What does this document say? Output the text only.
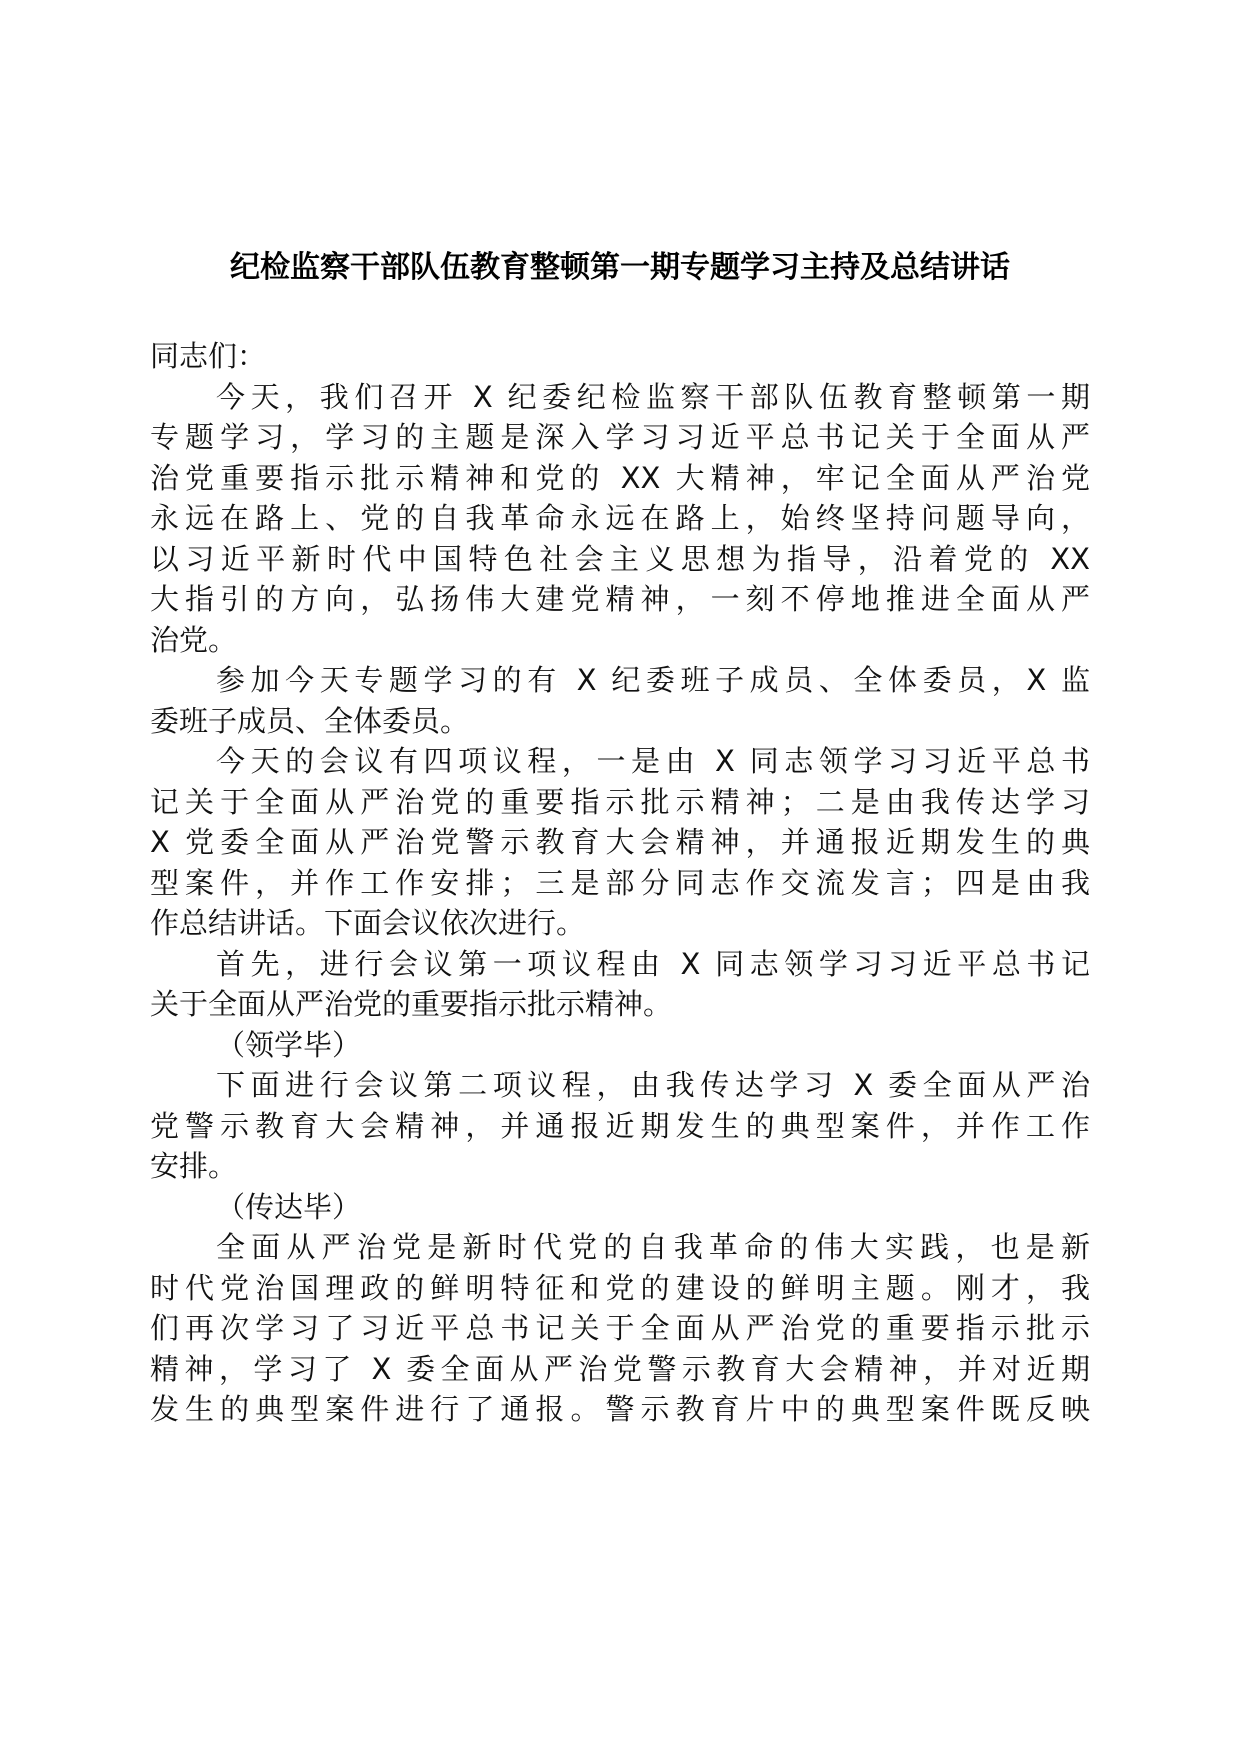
纪检监察干部队伍教育整顿第一期专题学习主持及总结讲话
同志们：
今天，我们召开 X 纪委纪检监察干部队伍教育整顿第一期
专题学习，学习的主题是深入学习习近平总书记关于全面从严
治党重要指示批示精神和党的 XX 大精神，牢记全面从严治党
永远在路上、党的自我革命永远在路上，始终坚持问题导向，
以习近平新时代中国特色社会主义思想为指导，沿着党的 XX
大指引的方向，弘扬伟大建党精神，一刻不停地推进全面从严
治党。
参加今天专题学习的有 X 纪委班子成员、全体委员，X 监
委班子成员、全体委员。
今天的会议有四项议程，一是由 X 同志领学习习近平总书
记关于全面从严治党的重要指示批示精神；二是由我传达学习
X 党委全面从严治党警示教育大会精神，并通报近期发生的典
型案件，并作工作安排；三是部分同志作交流发言；四是由我
作总结讲话。下面会议依次进行。
首先，进行会议第一项议程由 X 同志领学习习近平总书记
关于全面从严治党的重要指示批示精神。
（领学毕）
下面进行会议第二项议程，由我传达学习 X 委全面从严治
党警示教育大会精神，并通报近期发生的典型案件，并作工作
安排。
（传达毕）
全面从严治党是新时代党的自我革命的伟大实践，也是新
时代党治国理政的鲜明特征和党的建设的鲜明主题。刚才，我
们再次学习了习近平总书记关于全面从严治党的重要指示批示
精神，学习了 X 委全面从严治党警示教育大会精神，并对近期
发生的典型案件进行了通报。警示教育片中的典型案件既反映
